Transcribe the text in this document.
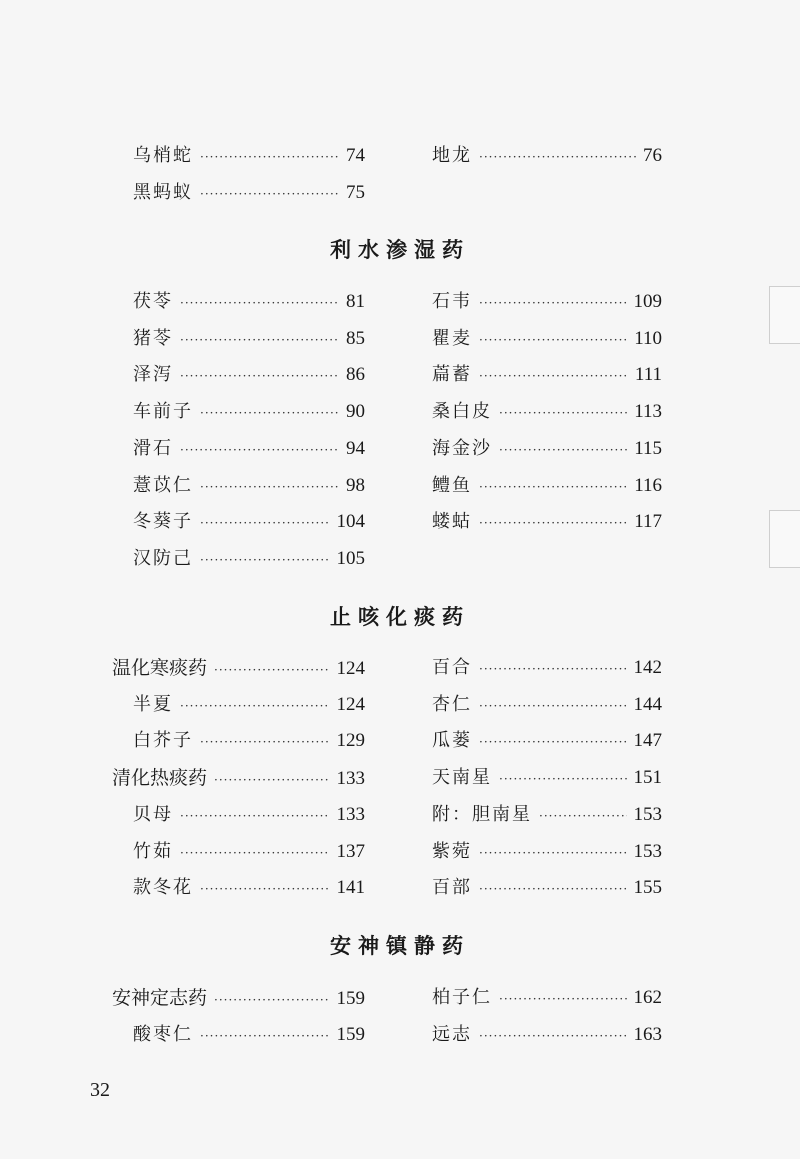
乌梢蛇 ·····	74
黑蚂蚁 ·····	75
地龙 ·····	76
利水渗湿药
茯苓 ·····	81
猪苓 ·····	85
泽泻 ·····	86
车前子 ·····	90
滑石 ·····	94
薏苡仁 ·····	98
冬葵子 ·····	104
汉防己 ·····	105
石韦 ·····	109
瞿麦 ·····	110
萹蓄 ·····	111
桑白皮 ·····	113
海金沙 ·····	115
鳢鱼 ·····	116
蝼蛄 ·····	117
止咳化痰药
温化寒痰药 ·····	124
半夏 ·····	124
白芥子 ·····	129
清化热痰药 ·····	133
贝母 ·····	133
竹茹 ·····	137
款冬花 ·····	141
百合 ·····	142
杏仁 ·····	144
瓜蒌 ·····	147
天南星 ·····	151
附：胆南星 ·····	153
紫菀 ·····	153
百部 ·····	155
安神镇静药
安神定志药 ·····	159
酸枣仁 ·····	159
柏子仁 ·····	162
远志 ·····	163
32
